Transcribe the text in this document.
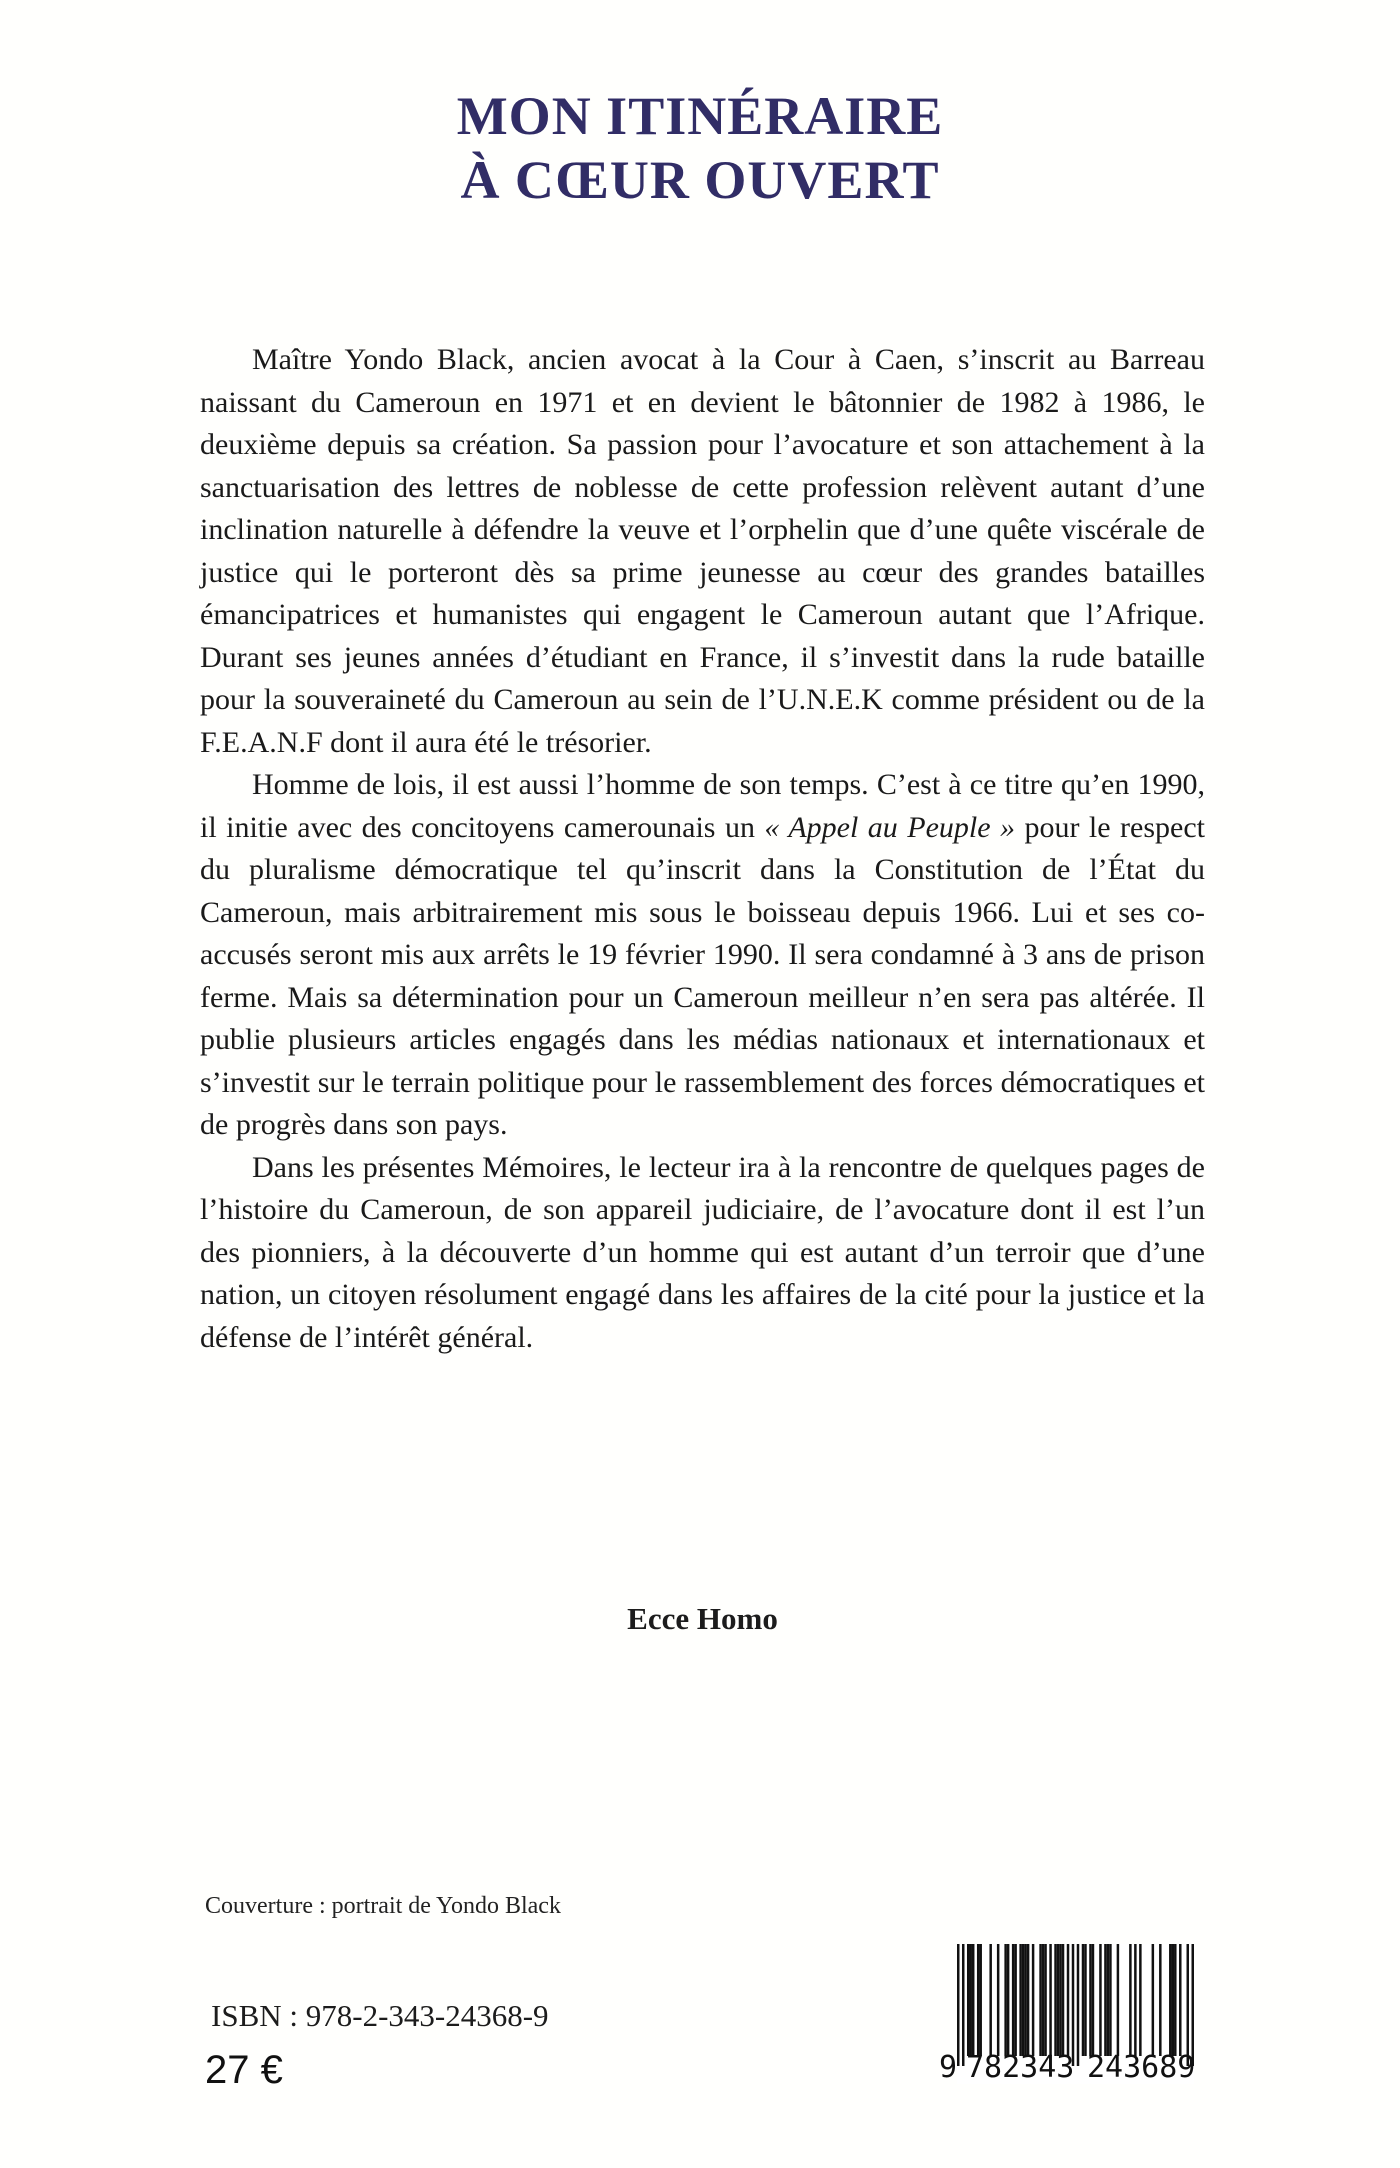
MON ITINÉRAIRE
À CŒUR OUVERT

Maître Yondo Black, ancien avocat à la Cour à Caen, s’inscrit au Barreau naissant du Cameroun en 1971 et en devient le bâtonnier de 1982 à 1986, le deuxième depuis sa création. Sa passion pour l’avocature et son attachement à la sanctuarisation des lettres de noblesse de cette profession relèvent autant d’une inclination naturelle à défendre la veuve et l’orphelin que d’une quête viscérale de justice qui le porteront dès sa prime jeunesse au cœur des grandes batailles émancipatrices et humanistes qui engagent le Cameroun autant que l’Afrique. Durant ses jeunes années d’étudiant en France, il s’investit dans la rude bataille pour la souveraineté du Cameroun au sein de l’U.N.E.K comme président ou de la F.E.A.N.F dont il aura été le trésorier.

Homme de lois, il est aussi l’homme de son temps. C’est à ce titre qu’en 1990, il initie avec des concitoyens camerounais un « Appel au Peuple » pour le respect du pluralisme démocratique tel qu’inscrit dans la Constitution de l’État du Cameroun, mais arbitrairement mis sous le boisseau depuis 1966. Lui et ses co-accusés seront mis aux arrêts le 19 février 1990. Il sera condamné à 3 ans de prison ferme. Mais sa détermination pour un Cameroun meilleur n’en sera pas altérée. Il publie plusieurs articles engagés dans les médias nationaux et internationaux et s’investit sur le terrain politique pour le rassemblement des forces démocratiques et de progrès dans son pays.

Dans les présentes Mémoires, le lecteur ira à la rencontre de quelques pages de l’histoire du Cameroun, de son appareil judiciaire, de l’avocature dont il est l’un des pionniers, à la découverte d’un homme qui est autant d’un terroir que d’une nation, un citoyen résolument engagé dans les affaires de la cité pour la justice et la défense de l’intérêt général.

Ecce Homo
Couverture : portrait de Yondo Black
ISBN : 978-2-343-24368-9
27 €	9 782343 243689
